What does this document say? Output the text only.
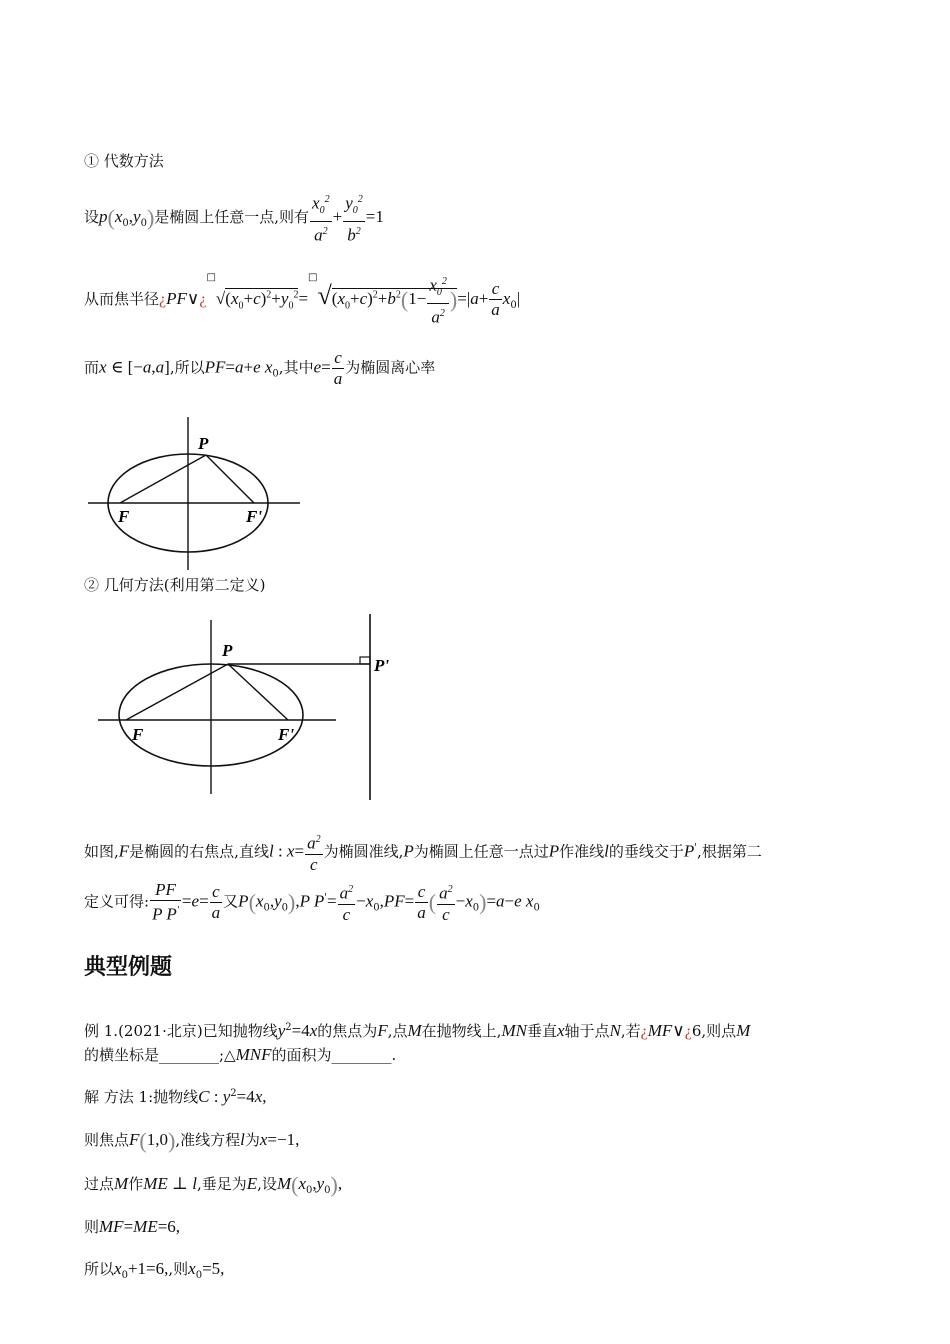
① 代数方法
设$p(x_0,y_0)$是椭圆上任意一点,则有 $\frac{x_0^2}{a^2} + \frac{y_0^2}{b^2} =1$
从而焦半径¿$PF\vee¿^□√(x_0+c)^2+y_0^2=^□√(x_0+c)^2+b^2(1- \frac{x_0^2}{a^2} )=|a+ \frac{c}{a} x_0|$
而x ∈ [−a,a],所以PF=a+e $x_0$,其中$e= \frac{c}{a}$ 为椭圆离心率
P
F	F'
② 几何方法(利用第二定义)
P
P'
F	F'
如图,F是椭圆的右焦点,直线l : $x= \frac{a^2}{c}$ 为椭圆准线,P为椭圆上任意一点过P作准线l的垂线交于P',根据第二
定义可得: $\frac{PF}{P P'} =e= \frac{c}{a}$ 又$P(x_0,y_0),P$ $P'= \frac{a^2}{c} -x_0,PF= \frac{c}{a}$ ( $\frac{a^2}{c} -x_0)=a-e$ $x_0$
典型例题
例 1.(2021·北京)已知抛物线$y^2=4x$的焦点为F,点M在抛物线上,MN垂直x轴于点N,若¿MF∨¿6,则点M
的横坐标是________;△MNF的面积为________.
解 方法 1:抛物线C : $y^2=4x$,
则焦点F(1,0),准线方程l为x=−1,
过点M作ME ⊥ l,垂足为E,设$M(x_0,y_0)$,
则MF=ME=6,
所以$x_0+1=6$,,则$x_0=5$,
